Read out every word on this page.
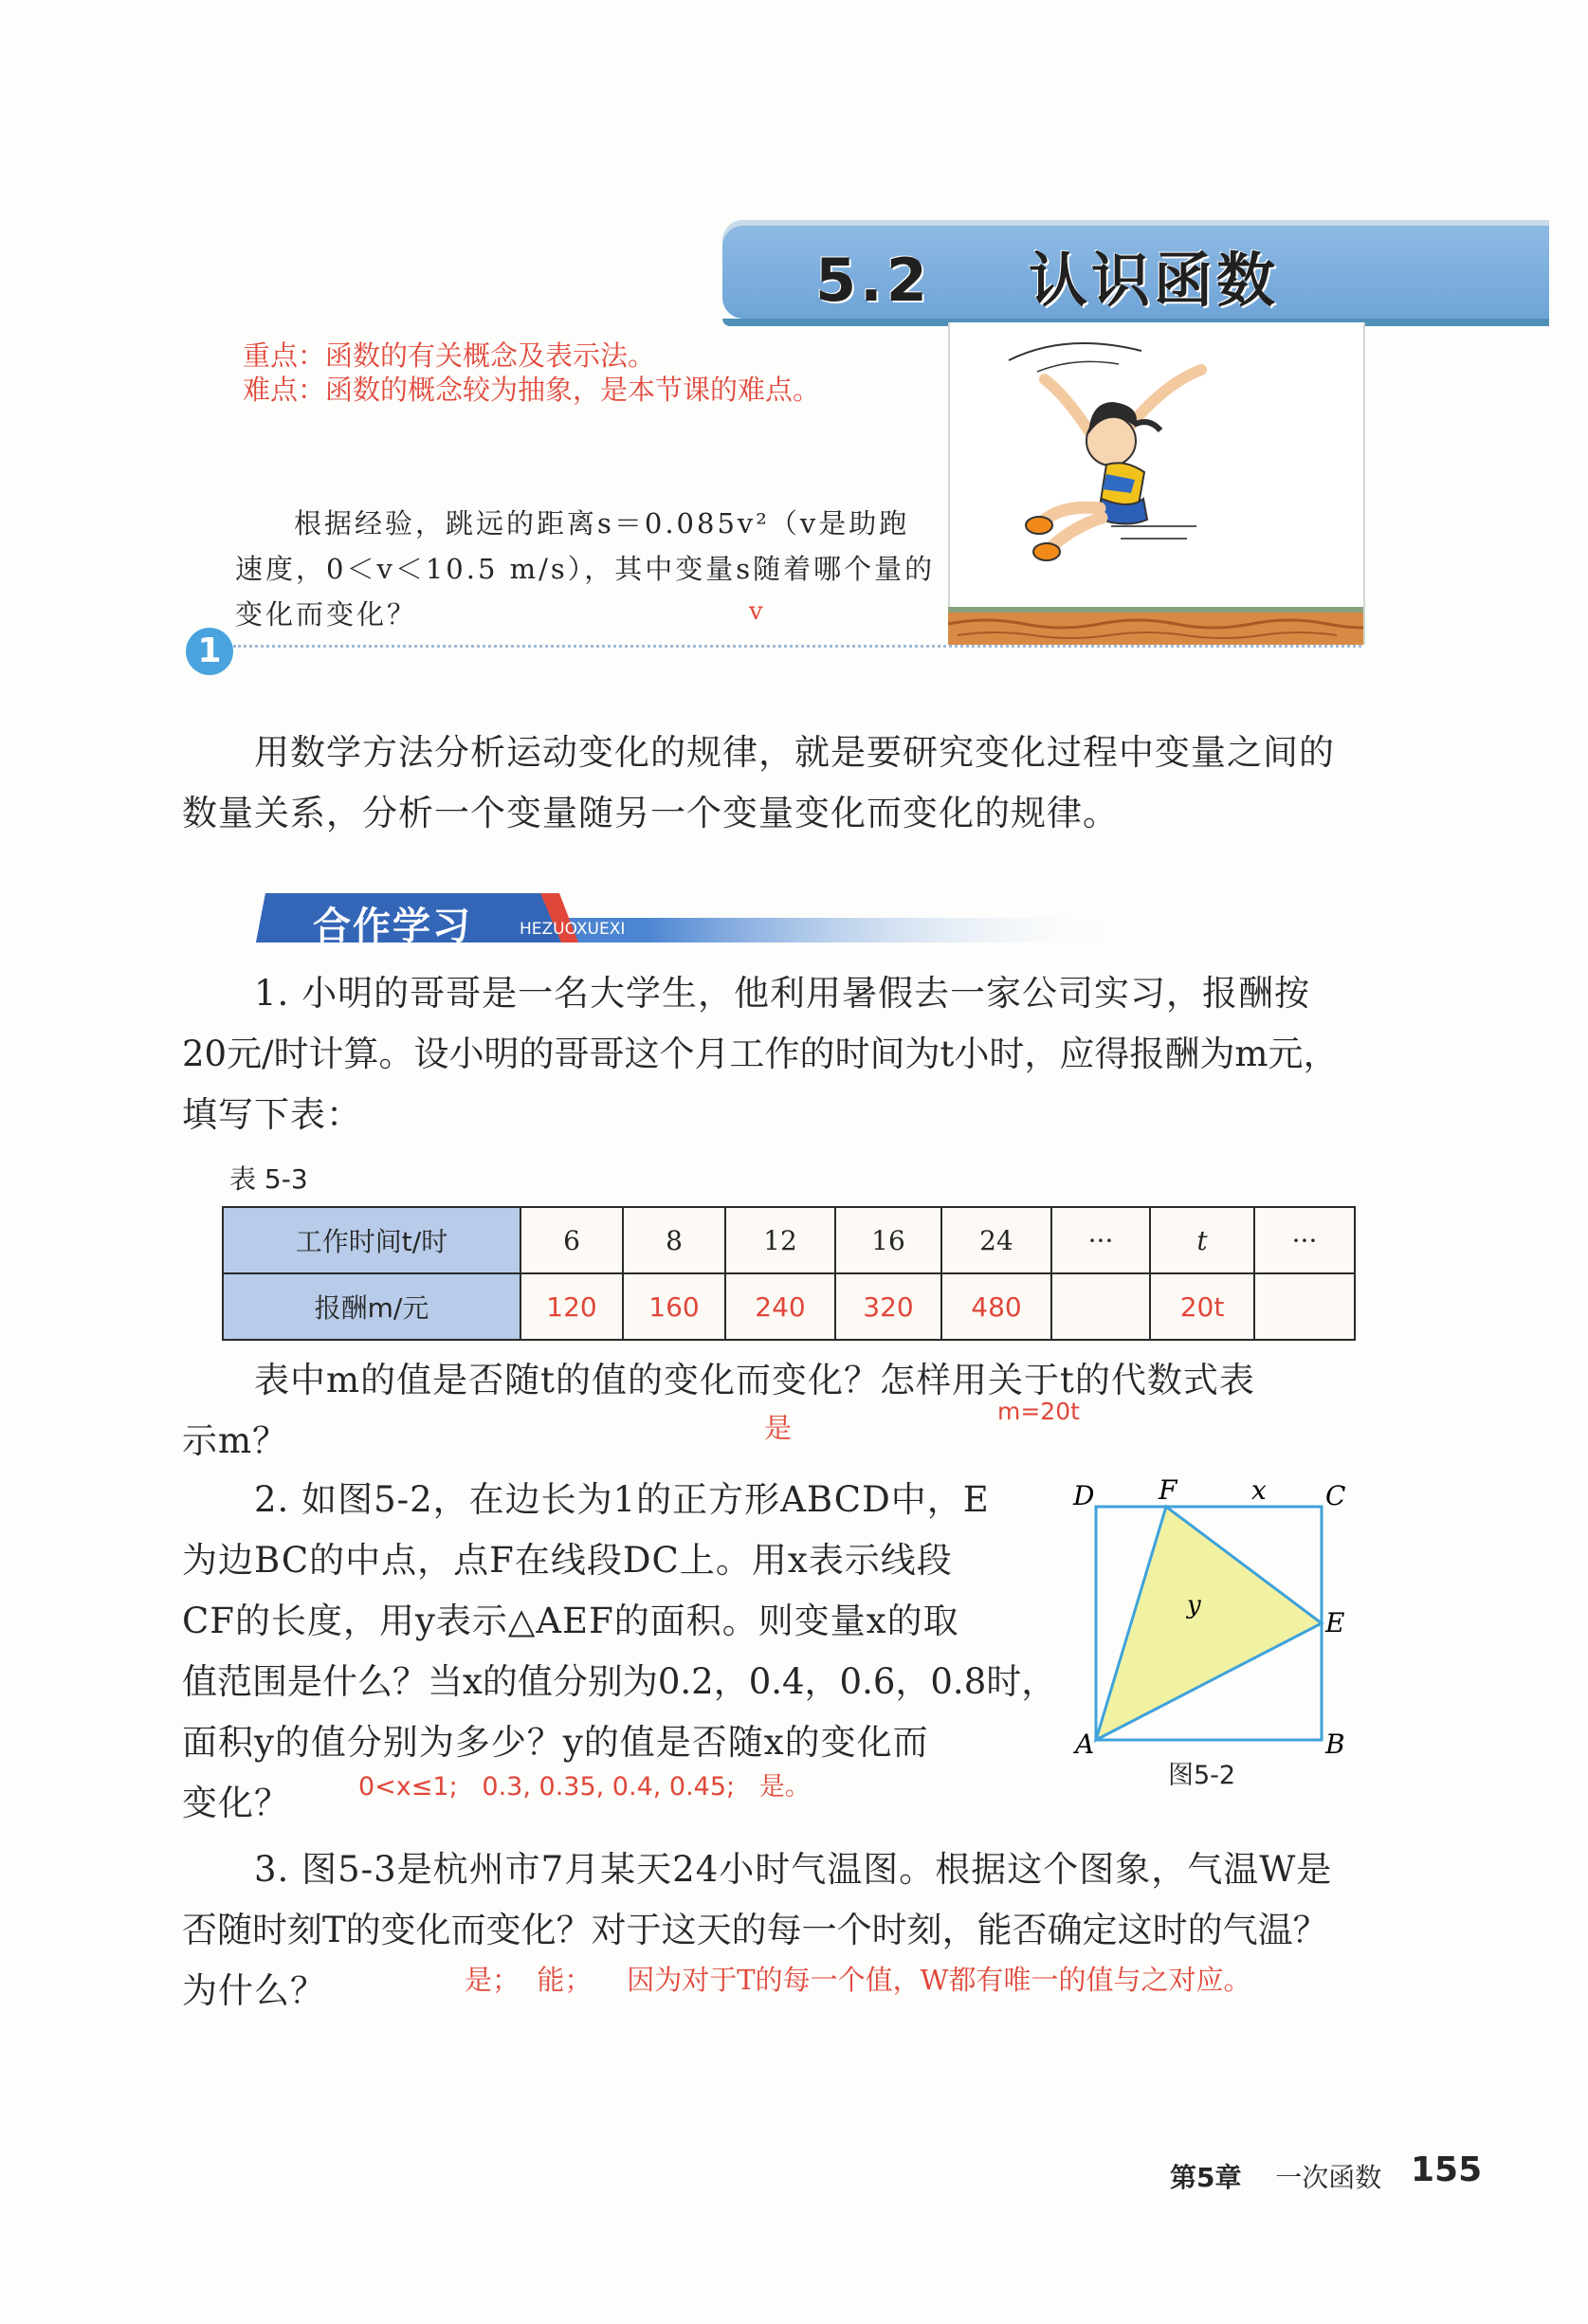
5.2 认识函数
重点：函数的有关概念及表示法。
难点：函数的概念较为抽象，是本节课的难点。
根据经验，跳远的距离s＝0.085v²（v是助跑
速度，0＜v＜10.5 m/s），其中变量s随着哪个量的
变化而变化？	v
1
用数学方法分析运动变化的规律，就是要研究变化过程中变量之间的
数量关系，分析一个变量随另一个变量变化而变化的规律。
合作学习	HEZUOXUEXI
1. 小明的哥哥是一名大学生，他利用暑假去一家公司实习，报酬按
20元/时计算。设小明的哥哥这个月工作的时间为t小时，应得报酬为m元，
填写下表：
表 5-3
工作时间t/时	6	8	12	16	24	···	t	···
报酬m/元	120	160	240	320	480		20t	
表中m的值是否随t的值的变化而变化？怎样用关于t的代数式表
示m？	是
m=20t
2. 如图5-2，在边长为1的正方形ABCD中，E
为边BC的中点，点F在线段DC上。用x表示线段
CF的长度，用y表示△AEF的面积。则变量x的取
值范围是什么？当x的值分别为0.2，0.4，0.6，0.8时，
面积y的值分别为多少？y的值是否随x的变化而
变化？	0<x≤1;   0.3, 0.35, 0.4, 0.45;   是。
D F	x C
y
E
A	B
图5-2
3. 图5-3是杭州市7月某天24小时气温图。根据这个图象，气温W是
否随时刻T的变化而变化？对于这天的每一个时刻，能否确定这时的气温？
为什么？	是；  能；    因为对于T的每一个值，W都有唯一的值与之对应。
第5章 一次函数 155
